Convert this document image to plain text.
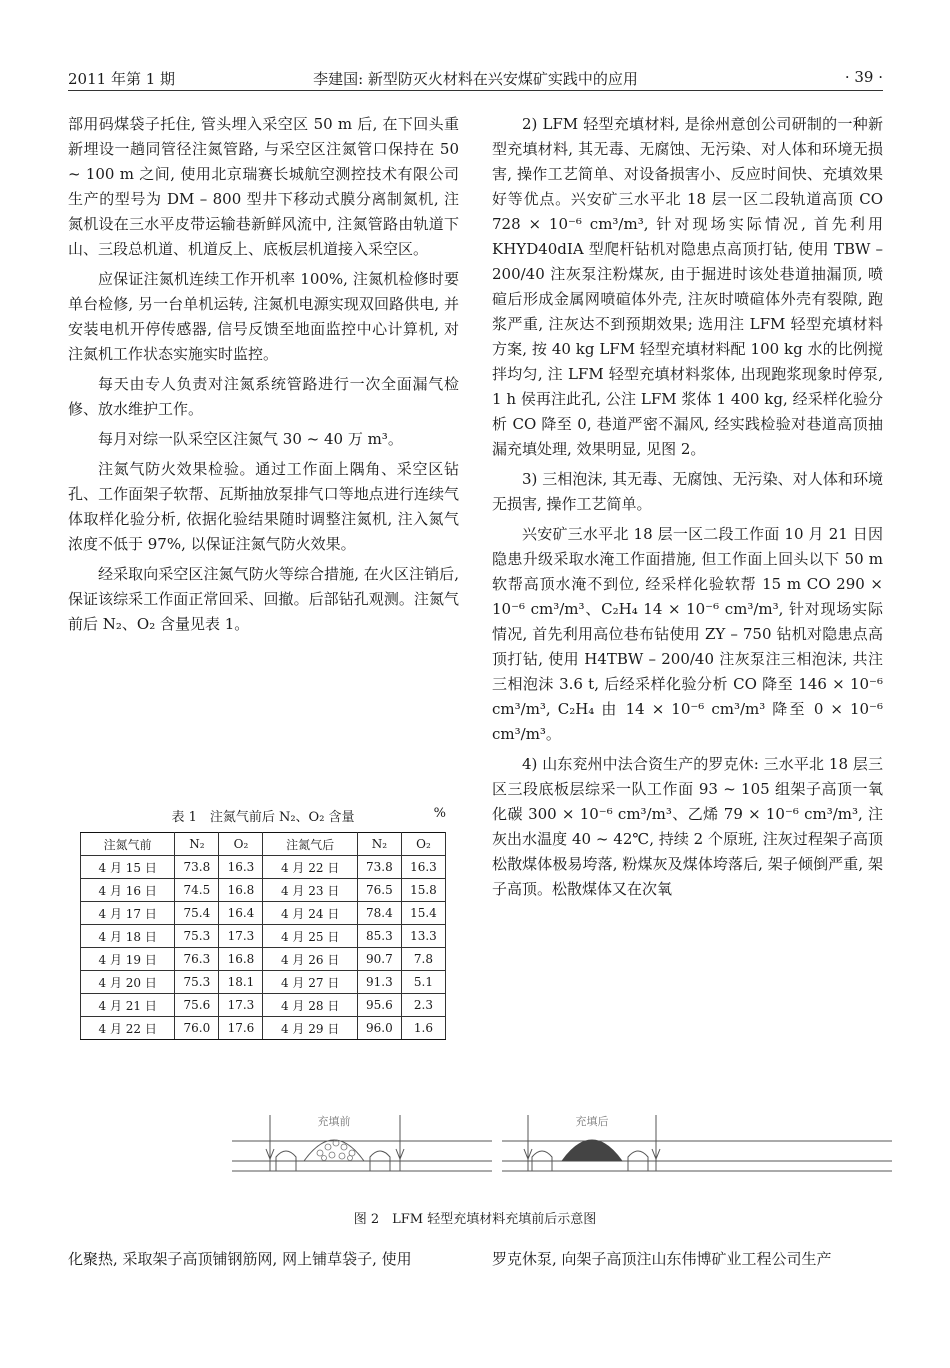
2011 年第 1 期	李建国: 新型防灭火材料在兴安煤矿实践中的应用	· 39 ·

部用码煤袋子托住, 管头埋入采空区 50 m 后, 在下回头重新埋设一趟同管径注氮管路, 与采空区注氮管口保持在 50 ~ 100 m 之间, 使用北京瑞赛长城航空测控技术有限公司生产的型号为 DM – 800 型井下移动式膜分离制氮机, 注氮机设在三水平皮带运输巷新鲜风流中, 注氮管路由轨道下山、三段总机道、机道反上、底板层机道接入采空区。

应保证注氮机连续工作开机率 100%, 注氮机检修时要单台检修, 另一台单机运转, 注氮机电源实现双回路供电, 并安装电机开停传感器, 信号反馈至地面监控中心计算机, 对注氮机工作状态实施实时监控。

每天由专人负责对注氮系统管路进行一次全面漏气检修、放水维护工作。

每月对综一队采空区注氮气 30 ~ 40 万 m³。

注氮气防火效果检验。通过工作面上隅角、采空区钻孔、工作面架子软帮、瓦斯抽放泵排气口等地点进行连续气体取样化验分析, 依据化验结果随时调整注氮机, 注入氮气浓度不低于 97%, 以保证注氮气防火效果。

经采取向采空区注氮气防火等综合措施, 在火区注销后, 保证该综采工作面正常回采、回撤。后部钻孔观测。注氮气前后 N₂、O₂ 含量见表 1。

2) LFM 轻型充填材料, 是徐州意创公司研制的一种新型充填材料, 其无毒、无腐蚀、无污染、对人体和环境无损害, 操作工艺简单、对设备损害小、反应时间快、充填效果好等优点。兴安矿三水平北 18 层一区二段轨道高顶 CO 728 × 10⁻⁶ cm³/m³, 针对现场实际情况, 首先利用 KHYD40dIA 型爬杆钻机对隐患点高顶打钻, 使用 TBW – 200/40 注灰泵注粉煤灰, 由于掘进时该处巷道抽漏顶, 喷碹后形成金属网喷碹体外壳, 注灰时喷碹体外壳有裂隙, 跑浆严重, 注灰达不到预期效果; 选用注 LFM 轻型充填材料方案, 按 40 kg LFM 轻型充填材料配 100 kg 水的比例搅拌均匀, 注 LFM 轻型充填材料浆体, 出现跑浆现象时停泵, 1 h 侯再注此孔, 公注 LFM 浆体 1 400 kg, 经采样化验分析 CO 降至 0, 巷道严密不漏风, 经实践检验对巷道高顶抽漏充填处理, 效果明显, 见图 2。

3) 三相泡沫, 其无毒、无腐蚀、无污染、对人体和环境无损害, 操作工艺简单。

兴安矿三水平北 18 层一区二段工作面 10 月 21 日因隐患升级采取水淹工作面措施, 但工作面上回头以下 50 m 软帮高顶水淹不到位, 经采样化验软帮 15 m CO 290 × 10⁻⁶ cm³/m³、C₂H₄ 14 × 10⁻⁶ cm³/m³, 针对现场实际情况, 首先利用高位巷布钻使用 ZY – 750 钻机对隐患点高顶打钻, 使用 H4TBW – 200/40 注灰泵注三相泡沫, 共注三相泡沫 3.6 t, 后经采样化验分析 CO 降至 146 × 10⁻⁶ cm³/m³, C₂H₄ 由 14 × 10⁻⁶ cm³/m³ 降至 0 × 10⁻⁶ cm³/m³。

4) 山东兖州中法合资生产的罗克休: 三水平北 18 层三区三段底板层综采一队工作面 93 ~ 105 组架子高顶一氧化碳 300 × 10⁻⁶ cm³/m³、乙烯 79 × 10⁻⁶ cm³/m³, 注灰出水温度 40 ~ 42℃, 持续 2 个原班, 注灰过程架子高顶松散煤体极易垮落, 粉煤灰及煤体垮落后, 架子倾倒严重, 架子高顶。松散煤体又在次氧

表 1　注氮气前后 N₂、O₂ 含量	%
注氮气前	N₂	O₂	注氮气后	N₂	O₂
4 月 15 日	73.8	16.3	4 月 22 日	73.8	16.3
4 月 16 日	74.5	16.8	4 月 23 日	76.5	15.8
4 月 17 日	75.4	16.4	4 月 24 日	78.4	15.4
4 月 18 日	75.3	17.3	4 月 25 日	85.3	13.3
4 月 19 日	76.3	16.8	4 月 26 日	90.7	7.8
4 月 20 日	75.3	18.1	4 月 27 日	91.3	5.1
4 月 21 日	75.6	17.3	4 月 28 日	95.6	2.3
4 月 22 日	76.0	17.6	4 月 29 日	96.0	1.6
充填前	充填后
图 2　LFM 轻型充填材料充填前后示意图
化聚热, 采取架子高顶铺钢筋网, 网上铺草袋子, 使用	罗克休泵, 向架子高顶注山东伟博矿业工程公司生产
